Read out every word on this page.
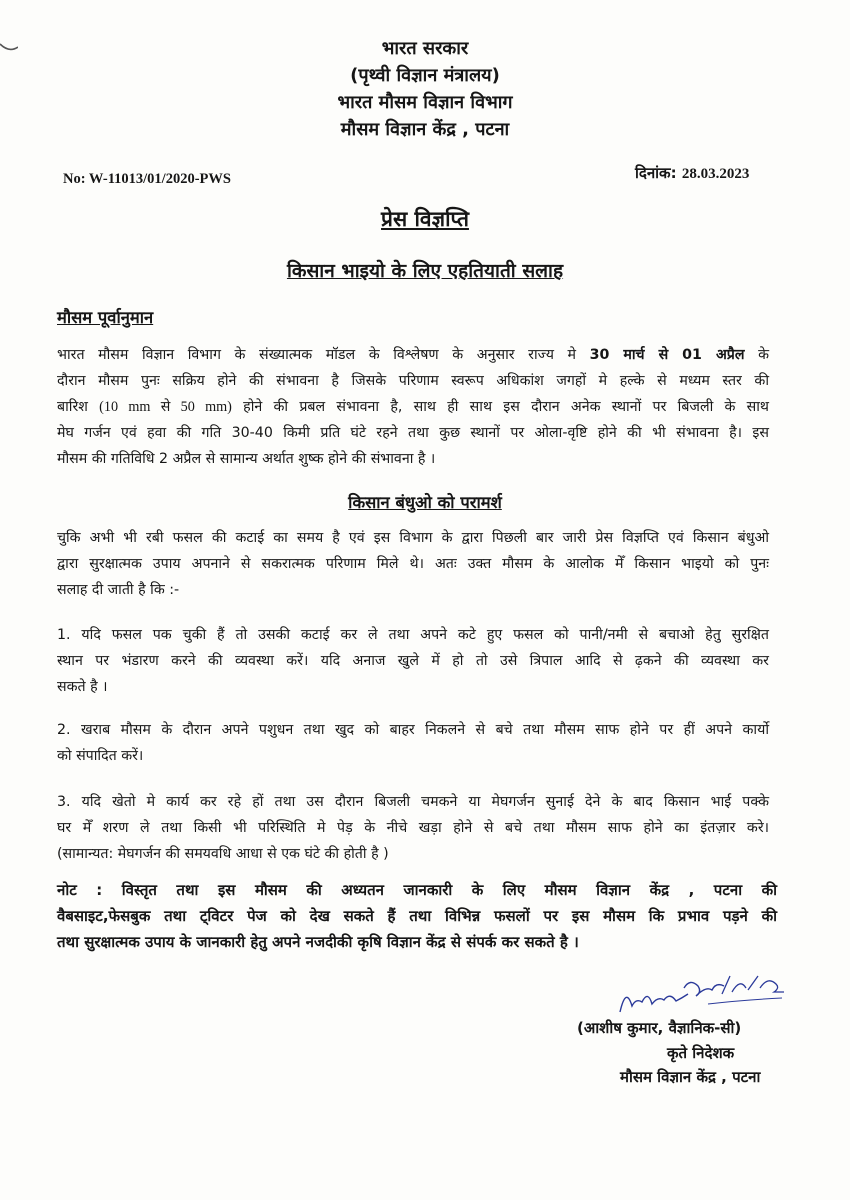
भारत सरकार
(पृथ्वी विज्ञान मंत्रालय)
भारत मौसम विज्ञान विभाग
मौसम विज्ञान केंद्र , पटना
No: W-11013/01/2020-PWS	दिनांक: 28.03.2023
प्रेस विज्ञप्ति
किसान भाइयो के लिए एहतियाती सलाह
मौसम पूर्वानुमान
भारत मौसम विज्ञान विभाग के संख्यात्मक मॉडल के विश्लेषण के अनुसार राज्य मे 30 मार्च से 01 अप्रैल के
दौरान मौसम पुनः सक्रिय होने की संभावना है जिसके परिणाम स्वरूप अधिकांश जगहों मे हल्के से मध्यम स्तर की
बारिश (10 mm से 50 mm) होने की प्रबल संभावना है, साथ ही साथ इस दौरान अनेक स्थानों पर बिजली के साथ
मेघ गर्जन एवं हवा की गति 30-40 किमी प्रति घंटे रहने तथा कुछ स्थानों पर ओला-वृष्टि होने की भी संभावना है। इस
मौसम की गतिविधि 2 अप्रैल से सामान्य अर्थात शुष्क होने की संभावना है ।
किसान बंधुओ को परामर्श
चुकि अभी भी रबी फसल की कटाई का समय है एवं इस विभाग के द्वारा पिछली बार जारी प्रेस विज्ञप्ति एवं किसान बंधुओ
द्वारा सुरक्षात्मक उपाय अपनाने से सकरात्मक परिणाम मिले थे। अतः उक्त मौसम के आलोक मेँ किसान भाइयो को पुनः
सलाह दी जाती है कि :-
1. यदि फसल पक चुकी हैं तो उसकी कटाई कर ले तथा अपने कटे हुए फसल को पानी/नमी से बचाओ हेतु सुरक्षित
स्थान पर भंडारण करने की व्यवस्था करें। यदि अनाज खुले में हो तो उसे त्रिपाल आदि से ढ़कने की व्यवस्था कर
सकते है ।
2. खराब मौसम के दौरान अपने पशुधन तथा खुद को बाहर निकलने से बचे तथा मौसम साफ होने पर हीं अपने कार्यो
को संपादित करें।
3. यदि खेतो मे कार्य कर रहे हों तथा उस दौरान बिजली चमकने या मेघगर्जन सुनाई देने के बाद किसान भाई पक्के
घर मेँ शरण ले तथा किसी भी परिस्थिति मे पेड़ के नीचे खड़ा होने से बचे तथा मौसम साफ होने का इंतज़ार करे।
(सामान्यत: मेघगर्जन की समयवधि आधा से एक घंटे की होती है )
नोट : विस्तृत तथा इस मौसम की अध्यतन जानकारी के लिए मौसम विज्ञान केंद्र , पटना की
वैबसाइट,फेसबुक तथा ट्विटर पेज को देख सकते हैं तथा विभिन्न फसलों पर इस मौसम कि प्रभाव पड़ने की
तथा सुरक्षात्मक उपाय के जानकारी हेतु अपने नजदीकी कृषि विज्ञान केंद्र से संपर्क कर सकते है ।
(आशीष कुमार, वैज्ञानिक-सी)
कृते निदेशक
मौसम विज्ञान केंद्र , पटना
